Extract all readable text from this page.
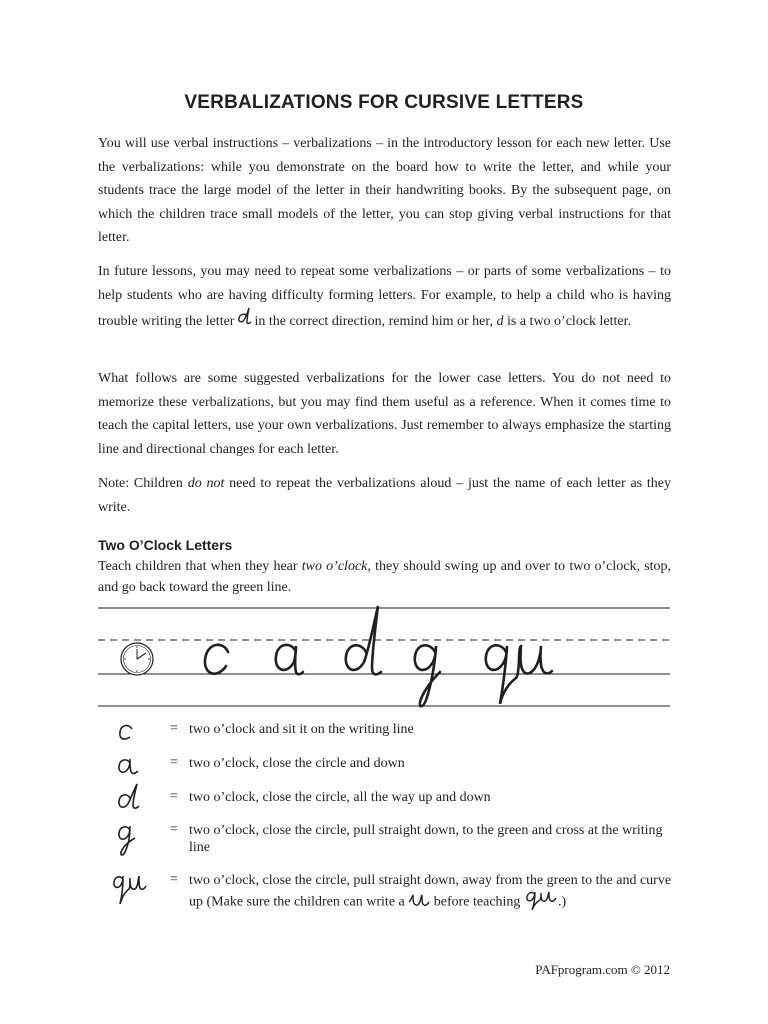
VERBALIZATIONS FOR CURSIVE LETTERS

You will use verbal instructions – verbalizations – in the introductory lesson for each new letter. Use the verbalizations: while you demonstrate on the board how to write the letter, and while your students trace the large model of the letter in their handwriting books. By the subsequent page, on which the children trace small models of the letter, you can stop giving verbal instructions for that letter.

In future lessons, you may need to repeat some verbalizations – or parts of some verbalizations – to help students who are having difficulty forming letters. For example, to help a child who is having trouble writing the letter in the correct direction, remind him or her, d is a two o’clock letter.

What follows are some suggested verbalizations for the lower case letters. You do not need to memorize these verbalizations, but you may find them useful as a reference. When it comes time to teach the capital letters, use your own verbalizations. Just remember to always emphasize the starting line and directional changes for each letter.

Note: Children do not need to repeat the verbalizations aloud – just the name of each letter as they write.

Two O’Clock Letters

Teach children that when they hear two o’clock, they should swing up and over to two o’clock, stop, and go back toward the green line.

= two o’clock and sit it on the writing line
= two o’clock, close the circle and down
= two o’clock, close the circle, all the way up and down
= two o’clock, close the circle, pull straight down, to the green and cross at the writing line
= two o’clock, close the circle, pull straight down, away from the green to the and curve up (Make sure the children can write a before teaching	.)
PAFprogram.com © 2012
